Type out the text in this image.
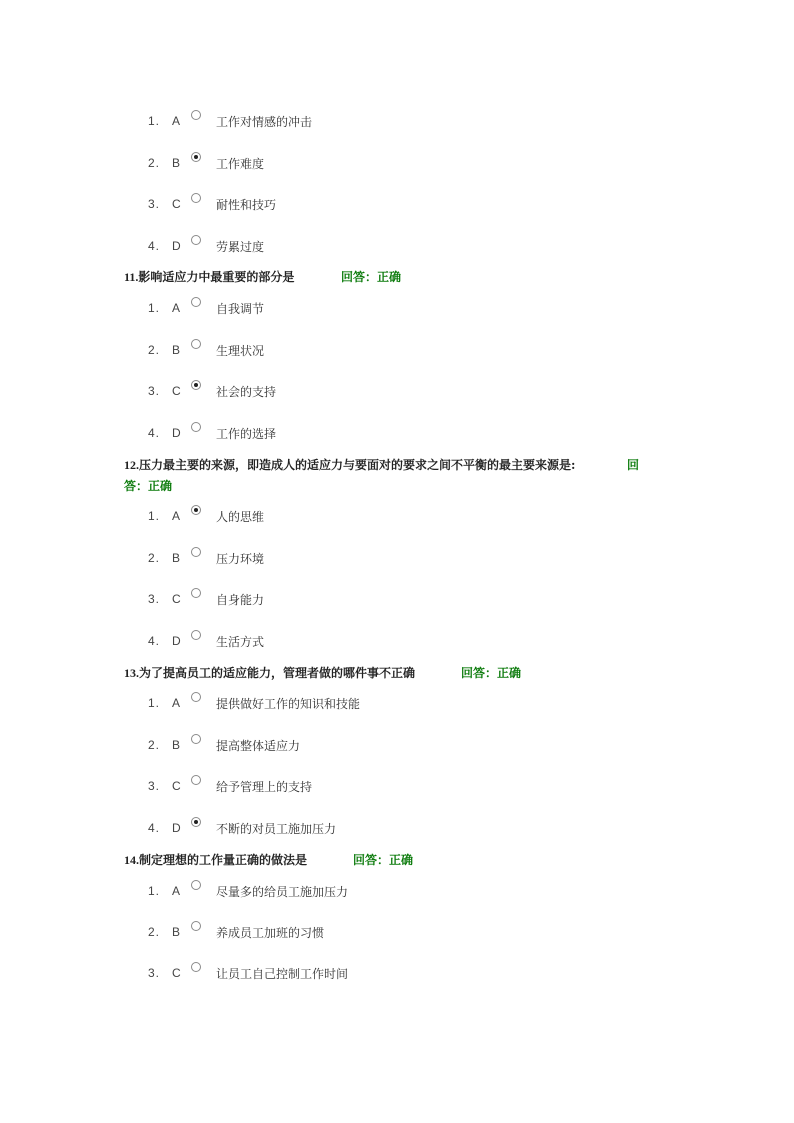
1. A	工作对情感的冲击
2. B	工作难度
3. C	耐性和技巧
4. D	劳累过度
11.影响适应力中最重要的部分是	回答：正确
1. A	自我调节
2. B	生理状况
3. C	社会的支持
4. D	工作的选择
12.压力最主要的来源，即造成人的适应力与要面对的要求之间不平衡的最主要来源是:	回
答：正确
1. A	人的思维
2. B	压力环境
3. C	自身能力
4. D	生活方式
13.为了提高员工的适应能力，管理者做的哪件事不正确	回答：正确
1. A	提供做好工作的知识和技能
2. B	提高整体适应力
3. C	给予管理上的支持
4. D	不断的对员工施加压力
14.制定理想的工作量正确的做法是	回答：正确
1. A	尽量多的给员工施加压力
2. B	养成员工加班的习惯
3. C	让员工自己控制工作时间
